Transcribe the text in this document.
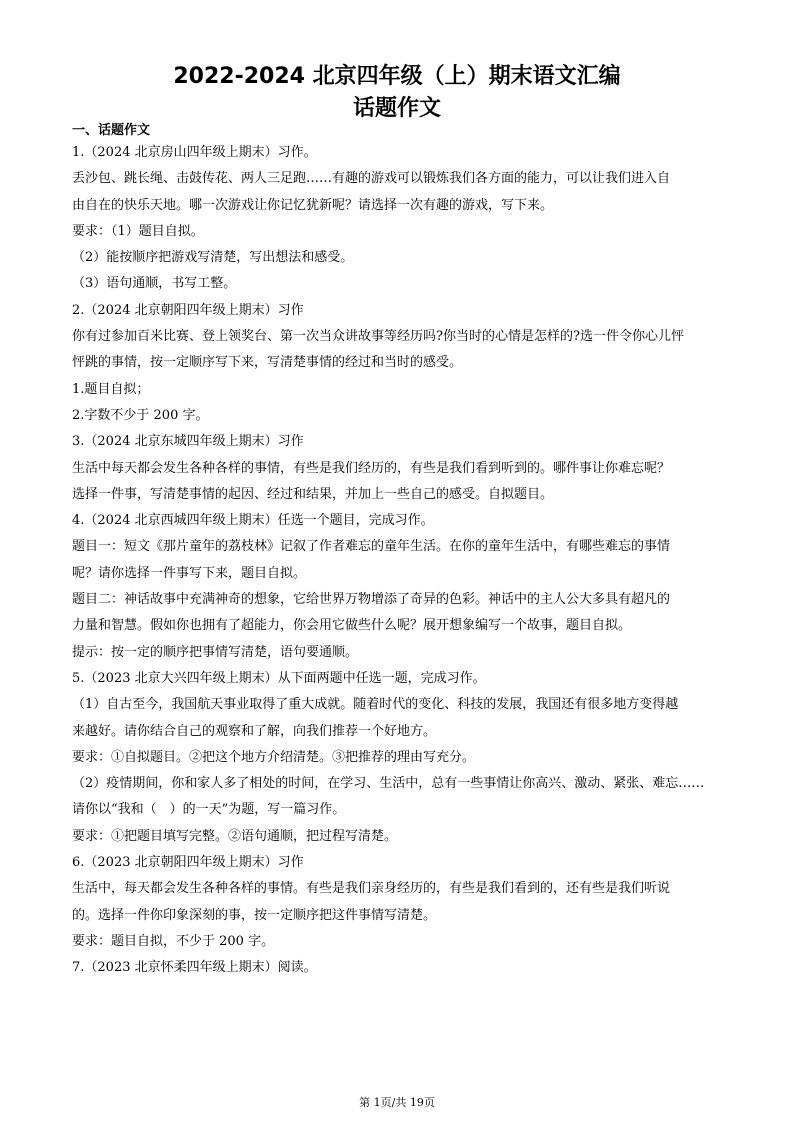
2022-2024 北京四年级（上）期末语文汇编
话题作文
一、话题作文

1.（2024 北京房山四年级上期末）习作。

丢沙包、跳长绳、击鼓传花、两人三足跑……有趣的游戏可以锻炼我们各方面的能力，可以让我们进入自

由自在的快乐天地。哪一次游戏让你记忆犹新呢？请选择一次有趣的游戏，写下来。

要求：（1）题目自拟。

（2）能按顺序把游戏写清楚，写出想法和感受。

（3）语句通顺，书写工整。

2.（2024 北京朝阳四年级上期末）习作

你有过参加百米比赛、登上领奖台、第一次当众讲故事等经历吗?你当时的心情是怎样的?选一件令你心儿怦

怦跳的事情，按一定顺序写下来，写清楚事情的经过和当时的感受。

1.题目自拟；

2.字数不少于 200 字。

3.（2024 北京东城四年级上期末）习作

生活中每天都会发生各种各样的事情，有些是我们经历的，有些是我们看到听到的。哪件事让你难忘呢？

选择一件事，写清楚事情的起因、经过和结果，并加上一些自己的感受。自拟题目。

4.（2024 北京西城四年级上期末）任选一个题目，完成习作。

题目一：短文《那片童年的荔枝林》记叙了作者难忘的童年生活。在你的童年生活中，有哪些难忘的事情

呢？请你选择一件事写下来，题目自拟。

题目二：神话故事中充满神奇的想象，它给世界万物增添了奇异的色彩。神话中的主人公大多具有超凡的

力量和智慧。假如你也拥有了超能力，你会用它做些什么呢？展开想象编写一个故事，题目自拟。

提示：按一定的顺序把事情写清楚，语句要通顺。

5.（2023 北京大兴四年级上期末）从下面两题中任选一题，完成习作。

（1）自古至今，我国航天事业取得了重大成就。随着时代的变化、科技的发展，我国还有很多地方变得越

来越好。请你结合自己的观察和了解，向我们推荐一个好地方。

要求：①自拟题目。②把这个地方介绍清楚。③把推荐的理由写充分。

（2）疫情期间，你和家人多了相处的时间，在学习、生活中，总有一些事情让你高兴、激动、紧张、难忘……

请你以“我和（　）的一天”为题，写一篇习作。

要求：①把题目填写完整。②语句通顺，把过程写清楚。

6.（2023 北京朝阳四年级上期末）习作

生活中，每天都会发生各种各样的事情。有些是我们亲身经历的，有些是我们看到的，还有些是我们听说

的。选择一件你印象深刻的事，按一定顺序把这件事情写清楚。

要求：题目自拟，不少于 200 字。

7.（2023 北京怀柔四年级上期末）阅读。

第 1页/共 19页
